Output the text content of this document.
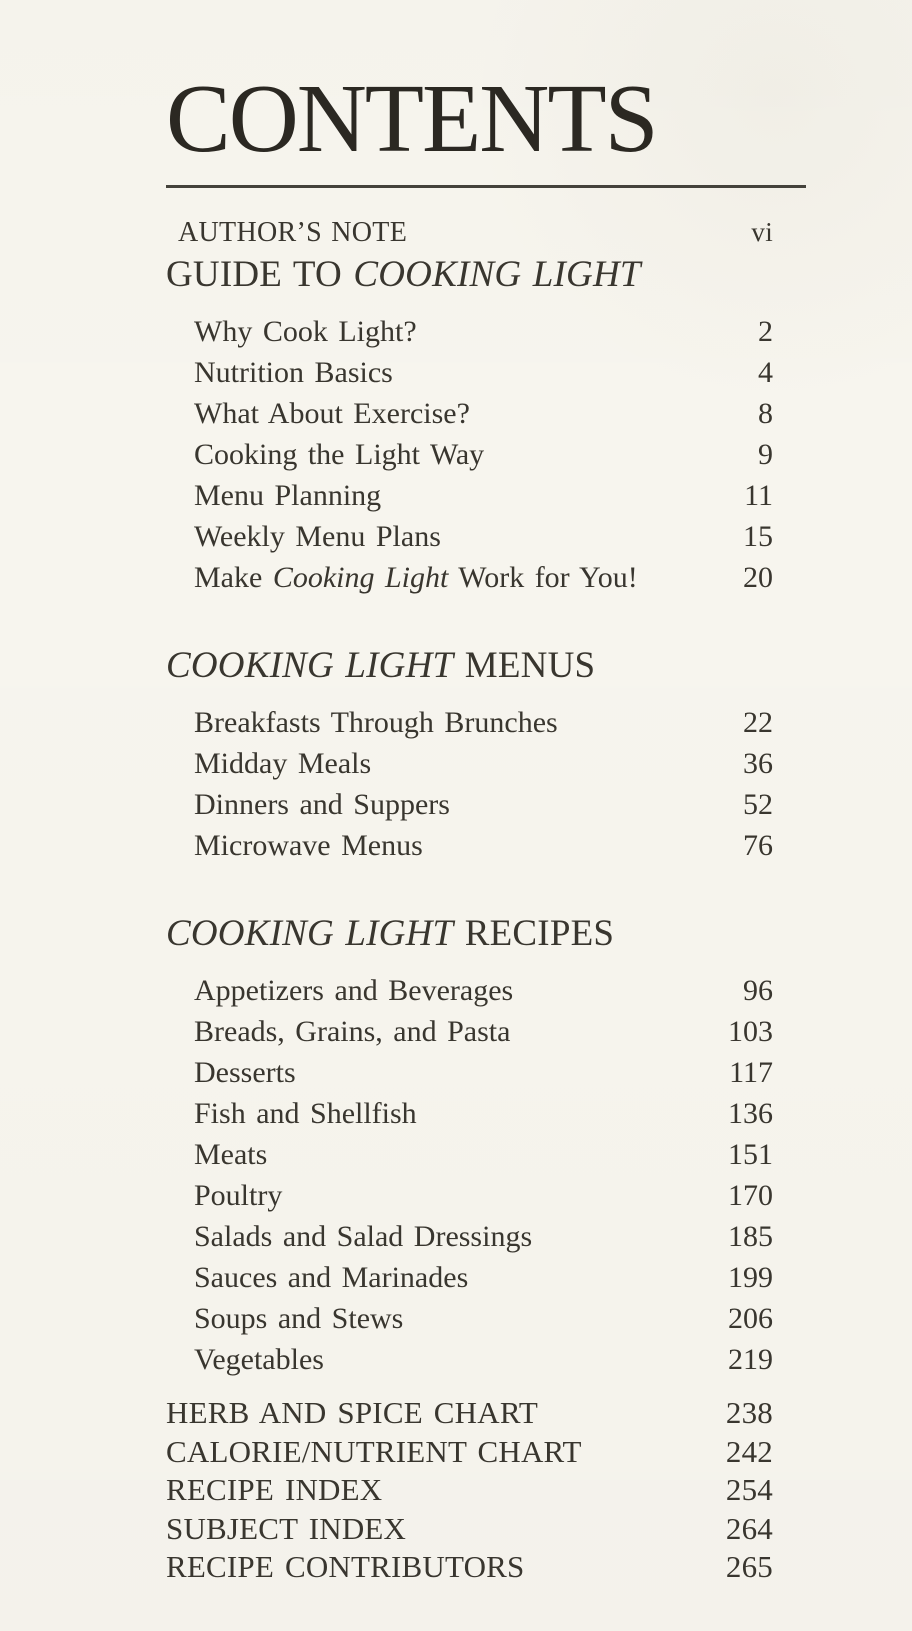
CONTENTS
AUTHOR’S NOTE	vi
GUIDE TO COOKING LIGHT
Why Cook Light?	2
Nutrition Basics	4
What About Exercise?	8
Cooking the Light Way	9
Menu Planning	11
Weekly Menu Plans	15
Make Cooking Light Work for You!	20
COOKING LIGHT MENUS
Breakfasts Through Brunches	22
Midday Meals	36
Dinners and Suppers	52
Microwave Menus	76
COOKING LIGHT RECIPES
Appetizers and Beverages	96
Breads, Grains, and Pasta	103
Desserts	117
Fish and Shellfish	136
Meats	151
Poultry	170
Salads and Salad Dressings	185
Sauces and Marinades	199
Soups and Stews	206
Vegetables	219
HERB AND SPICE CHART	238
CALORIE/NUTRIENT CHART	242
RECIPE INDEX	254
SUBJECT INDEX	264
RECIPE CONTRIBUTORS	265
